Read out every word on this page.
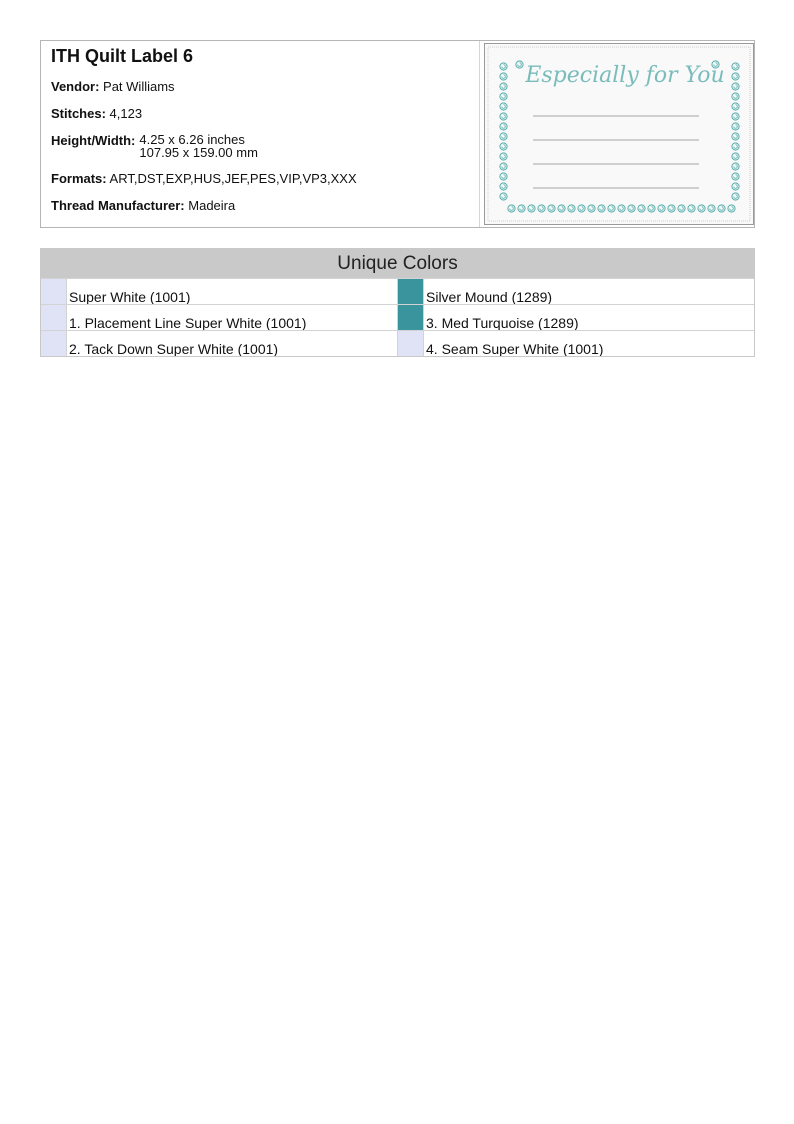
ITH Quilt Label 6
Vendor: Pat Williams
Stitches: 4,123
Height/Width: 4.25 x 6.26 inches
107.95 x 159.00 mm
Formats: ART,DST,EXP,HUS,JEF,PES,VIP,VP3,XXX
Thread Manufacturer: Madeira
Especially for You
Unique Colors
Super White (1001)	Silver Mound (1289)
1. Placement Line Super White (1001)	3. Med Turquoise (1289)
2. Tack Down Super White (1001)	4. Seam Super White (1001)
